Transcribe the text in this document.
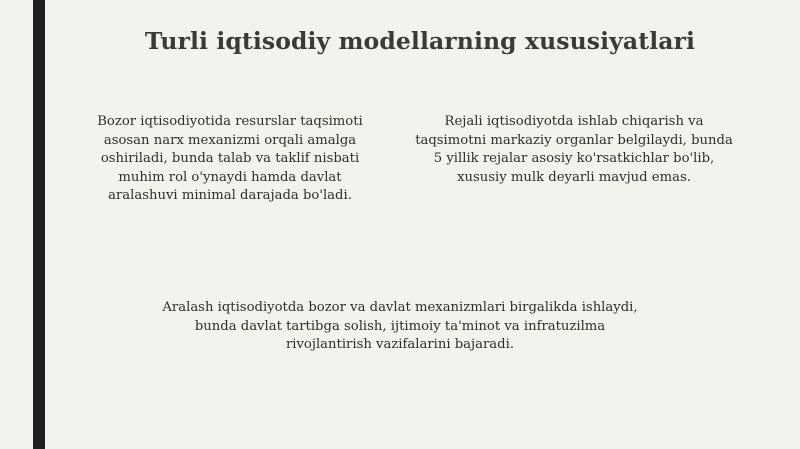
Turli iqtisodiy modellarning xususiyatlari
Bozor iqtisodiyotida resurslar taqsimoti
asosan narx mexanizmi orqali amalga
oshiriladi, bunda talab va taklif nisbati
muhim rol o'ynaydi hamda davlat
aralashuvi minimal darajada bo'ladi.
Rejali iqtisodiyotda ishlab chiqarish va
taqsimotni markaziy organlar belgilaydi, bunda
5 yillik rejalar asosiy ko'rsatkichlar bo'lib,
xususiy mulk deyarli mavjud emas.
Aralash iqtisodiyotda bozor va davlat mexanizmlari birgalikda ishlaydi,
bunda davlat tartibga solish, ijtimoiy ta'minot va infratuzilma
rivojlantirish vazifalarini bajaradi.
